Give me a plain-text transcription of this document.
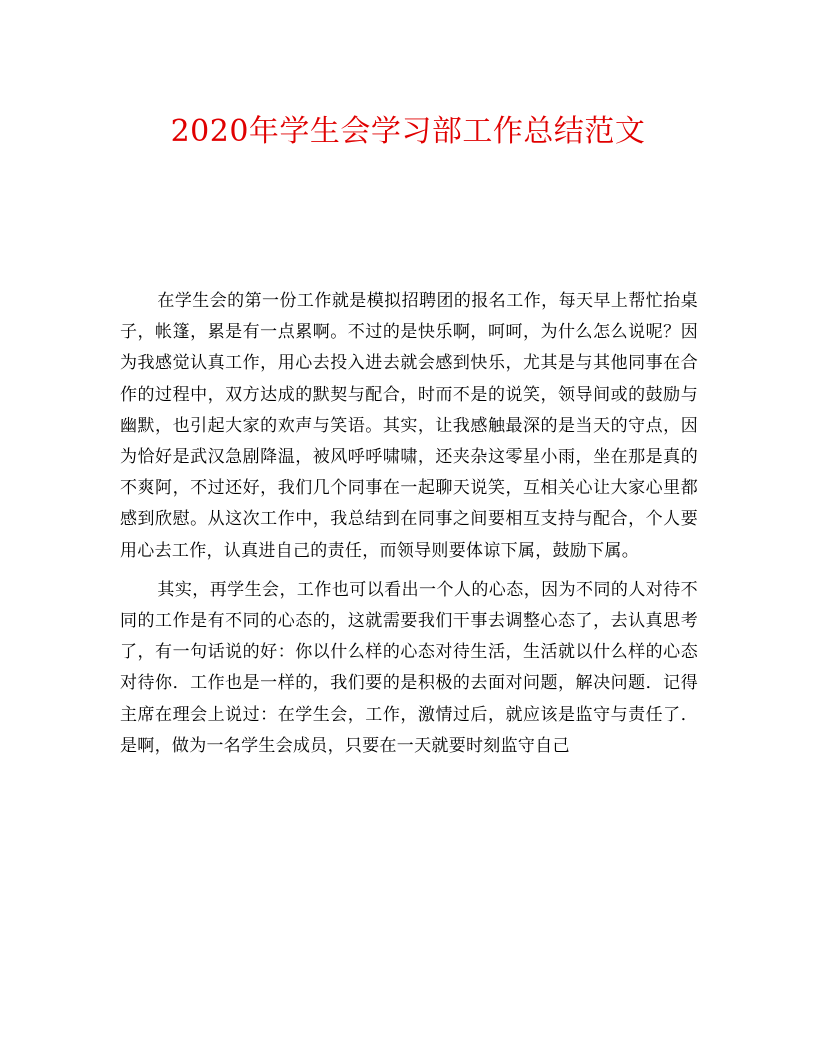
2020年学生会学习部工作总结范文

在学生会的第一份工作就是模拟招聘团的报名工作，每天早上帮忙抬桌子，帐篷，累是有一点累啊。不过的是快乐啊，呵呵，为什么怎么说呢？因为我感觉认真工作，用心去投入进去就会感到快乐，尤其是与其他同事在合作的过程中，双方达成的默契与配合，时而不是的说笑，领导间或的鼓励与幽默，也引起大家的欢声与笑语。其实，让我感触最深的是当天的守点，因为恰好是武汉急剧降温，被风呼呼啸啸，还夹杂这零星小雨，坐在那是真的不爽阿，不过还好，我们几个同事在一起聊天说笑，互相关心让大家心里都感到欣慰。从这次工作中，我总结到在同事之间要相互支持与配合，个人要用心去工作，认真进自己的责任，而领导则要体谅下属，鼓励下属。

其实，再学生会，工作也可以看出一个人的心态，因为不同的人对待不同的工作是有不同的心态的，这就需要我们干事去调整心态了，去认真思考了，有一句话说的好：你以什么样的心态对待生活，生活就以什么样的心态对待你．工作也是一样的，我们要的是积极的去面对问题，解决问题．记得主席在理会上说过：在学生会，工作，激情过后，就应该是监守与责任了．是啊，做为一名学生会成员，只要在一天就要时刻监守自己
